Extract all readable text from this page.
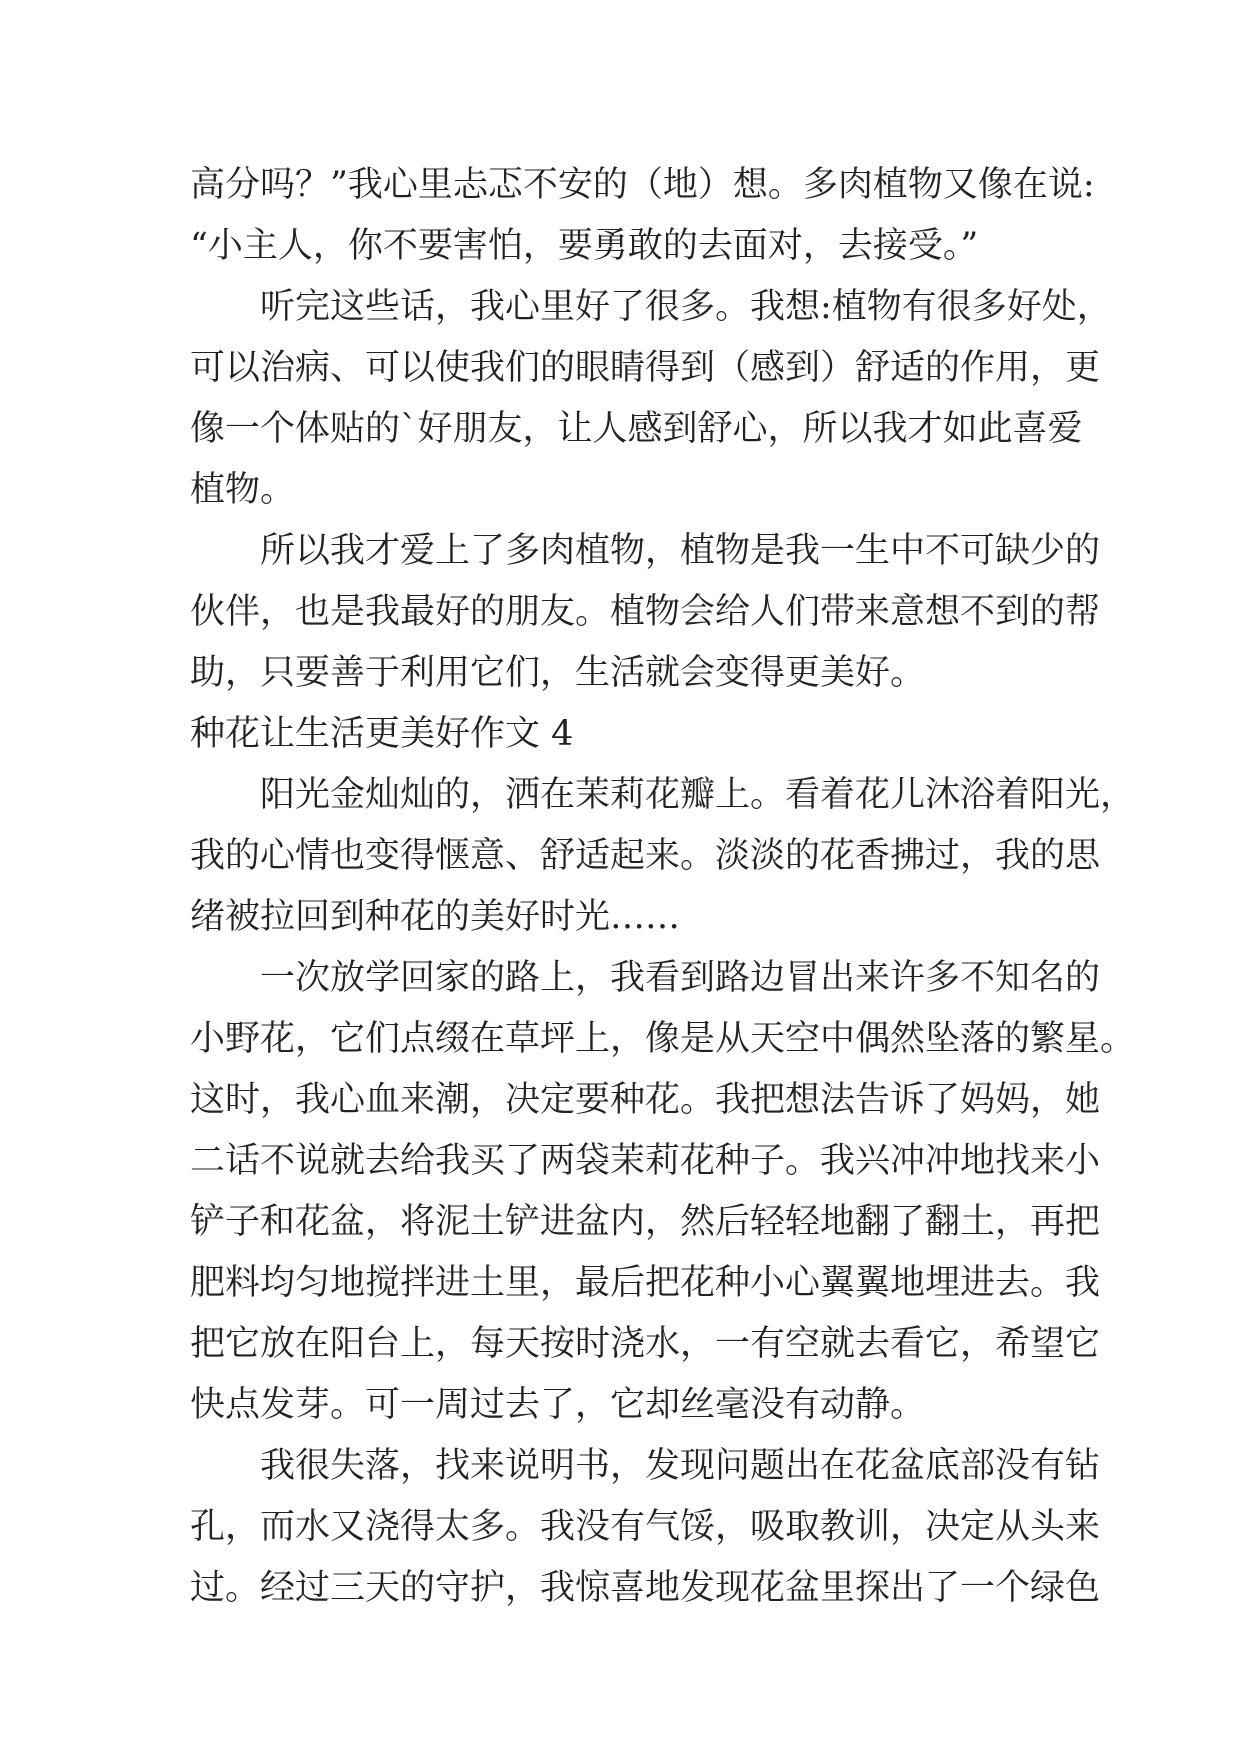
高分吗？”我心里忐忑不安的（地）想。多肉植物又像在说:
“小主人，你不要害怕，要勇敢的去面对，去接受。”
听完这些话，我心里好了很多。我想:植物有很多好处，
可以治病、可以使我们的眼睛得到（感到）舒适的作用，更
像一个体贴的`好朋友，让人感到舒心，所以我才如此喜爱
植物。
所以我才爱上了多肉植物，植物是我一生中不可缺少的
伙伴，也是我最好的朋友。植物会给人们带来意想不到的帮
助，只要善于利用它们，生活就会变得更美好。
种花让生活更美好作文 4
阳光金灿灿的，洒在茉莉花瓣上。看着花儿沐浴着阳光，
我的心情也变得惬意、舒适起来。淡淡的花香拂过，我的思
绪被拉回到种花的美好时光……
一次放学回家的路上，我看到路边冒出来许多不知名的
小野花，它们点缀在草坪上，像是从天空中偶然坠落的繁星。
这时，我心血来潮，决定要种花。我把想法告诉了妈妈，她
二话不说就去给我买了两袋茉莉花种子。我兴冲冲地找来小
铲子和花盆，将泥土铲进盆内，然后轻轻地翻了翻土，再把
肥料均匀地搅拌进土里，最后把花种小心翼翼地埋进去。我
把它放在阳台上，每天按时浇水，一有空就去看它，希望它
快点发芽。可一周过去了，它却丝毫没有动静。
我很失落，找来说明书，发现问题出在花盆底部没有钻
孔，而水又浇得太多。我没有气馁，吸取教训，决定从头来
过。经过三天的守护，我惊喜地发现花盆里探出了一个绿色
